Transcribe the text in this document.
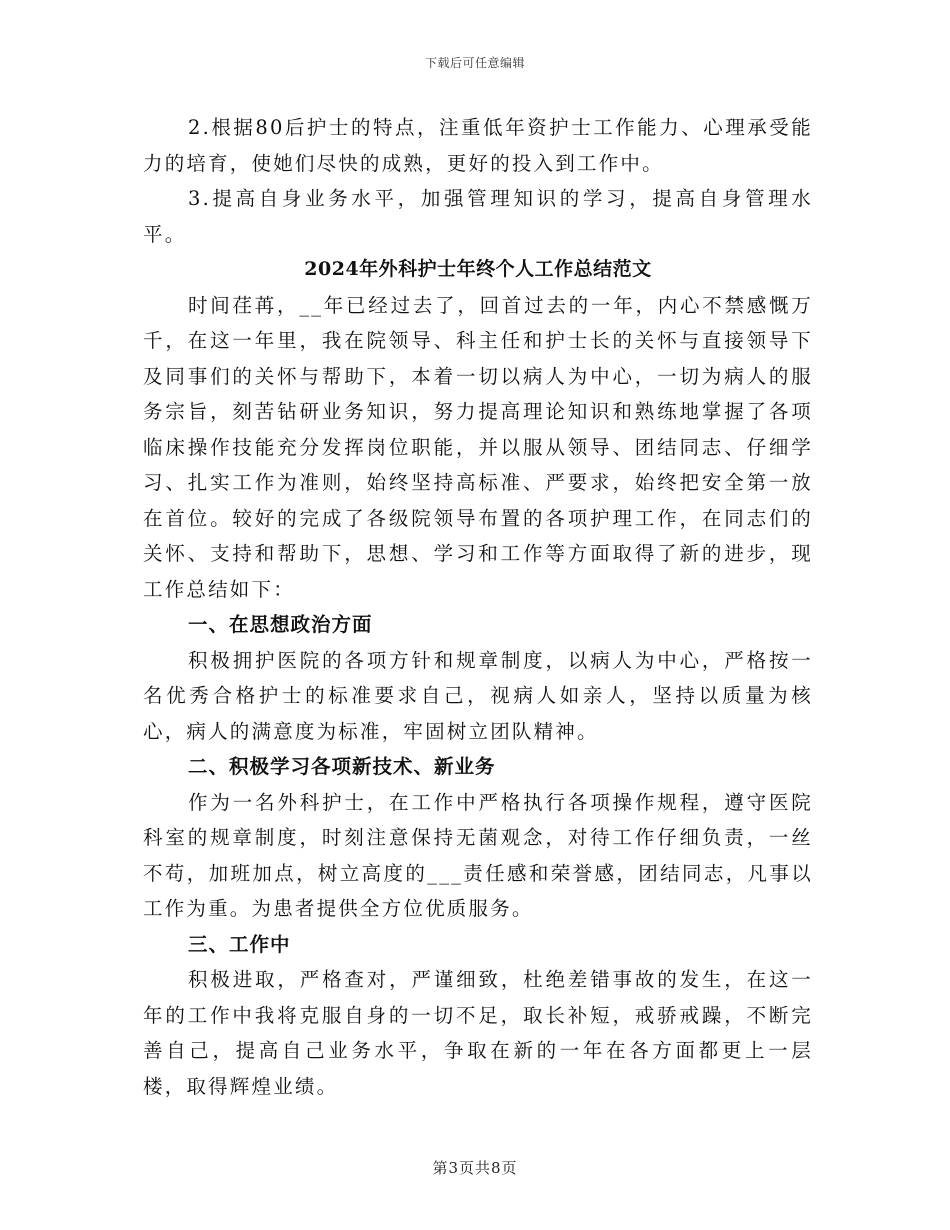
下载后可任意编辑

2.根据80后护士的特点，注重低年资护士工作能力、心理承受能力的培育，使她们尽快的成熟，更好的投入到工作中。

3.提高自身业务水平，加强管理知识的学习，提高自身管理水平。

2024年外科护士年终个人工作总结范文

时间荏苒，__年已经过去了，回首过去的一年，内心不禁感慨万千，在这一年里，我在院领导、科主任和护士长的关怀与直接领导下及同事们的关怀与帮助下，本着一切以病人为中心，一切为病人的服务宗旨，刻苦钻研业务知识，努力提高理论知识和熟练地掌握了各项临床操作技能充分发挥岗位职能，并以服从领导、团结同志、仔细学习、扎实工作为准则，始终坚持高标准、严要求，始终把安全第一放在首位。较好的完成了各级院领导布置的各项护理工作，在同志们的关怀、支持和帮助下，思想、学习和工作等方面取得了新的进步，现工作总结如下：

一、在思想政治方面

积极拥护医院的各项方针和规章制度，以病人为中心，严格按一名优秀合格护士的标准要求自己，视病人如亲人，坚持以质量为核心，病人的满意度为标准，牢固树立团队精神。

二、积极学习各项新技术、新业务

作为一名外科护士，在工作中严格执行各项操作规程，遵守医院科室的规章制度，时刻注意保持无菌观念，对待工作仔细负责，一丝不苟，加班加点，树立高度的___责任感和荣誉感，团结同志，凡事以工作为重。为患者提供全方位优质服务。

三、工作中

积极进取，严格查对，严谨细致，杜绝差错事故的发生，在这一年的工作中我将克服自身的一切不足，取长补短，戒骄戒躁，不断完善自己，提高自己业务水平，争取在新的一年在各方面都更上一层楼，取得辉煌业绩。

第3页共8页
